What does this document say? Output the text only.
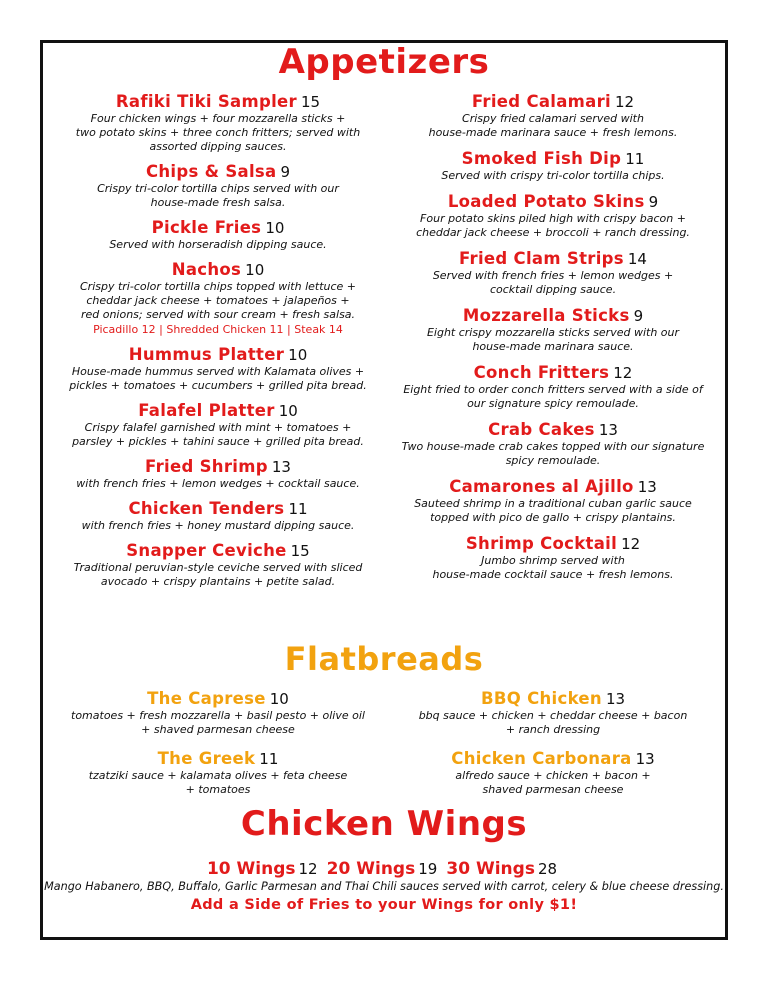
Appetizers
Rafiki Tiki Sampler 15
Four chicken wings + four mozzarella sticks +
two potato skins + three conch fritters; served with
assorted dipping sauces.
Chips & Salsa 9
Crispy tri-color tortilla chips served with our
house-made fresh salsa.
Pickle Fries 10
Served with horseradish dipping sauce.
Nachos 10
Crispy tri-color tortilla chips topped with lettuce +
cheddar jack cheese + tomatoes + jalapeños +
red onions; served with sour cream + fresh salsa.
Picadillo 12 | Shredded Chicken 11 | Steak 14
Hummus Platter 10
House-made hummus served with Kalamata olives +
pickles + tomatoes + cucumbers + grilled pita bread.
Falafel Platter 10
Crispy falafel garnished with mint + tomatoes +
parsley + pickles + tahini sauce + grilled pita bread.
Fried Shrimp 13
with french fries + lemon wedges + cocktail sauce.
Chicken Tenders 11
with french fries + honey mustard dipping sauce.
Snapper Ceviche 15
Traditional peruvian-style ceviche served with sliced
avocado + crispy plantains + petite salad.
Fried Calamari 12
Crispy fried calamari served with
house-made marinara sauce + fresh lemons.
Smoked Fish Dip 11
Served with crispy tri-color tortilla chips.
Loaded Potato Skins 9
Four potato skins piled high with crispy bacon +
cheddar jack cheese + broccoli + ranch dressing.
Fried Clam Strips 14
Served with french fries + lemon wedges +
cocktail dipping sauce.
Mozzarella Sticks 9
Eight crispy mozzarella sticks served with our
house-made marinara sauce.
Conch Fritters 12
Eight fried to order conch fritters served with a side of
our signature spicy remoulade.
Crab Cakes 13
Two house-made crab cakes topped with our signature
spicy remoulade.
Camarones al Ajillo 13
Sauteed shrimp in a traditional cuban garlic sauce
topped with pico de gallo + crispy plantains.
Shrimp Cocktail 12
Jumbo shrimp served with
house-made cocktail sauce + fresh lemons.
Flatbreads
The Caprese 10
tomatoes + fresh mozzarella + basil pesto + olive oil
+ shaved parmesan cheese
The Greek 11
tzatziki sauce + kalamata olives + feta cheese
+ tomatoes
BBQ Chicken 13
bbq sauce + chicken + cheddar cheese + bacon
+ ranch dressing
Chicken Carbonara 13
alfredo sauce + chicken + bacon +
shaved parmesan cheese
Chicken Wings
10 Wings 12 20 Wings 19 30 Wings 28
Mango Habanero, BBQ, Buffalo, Garlic Parmesan and Thai Chili sauces served with carrot, celery & blue cheese dressing.
Add a Side of Fries to your Wings for only $1!
